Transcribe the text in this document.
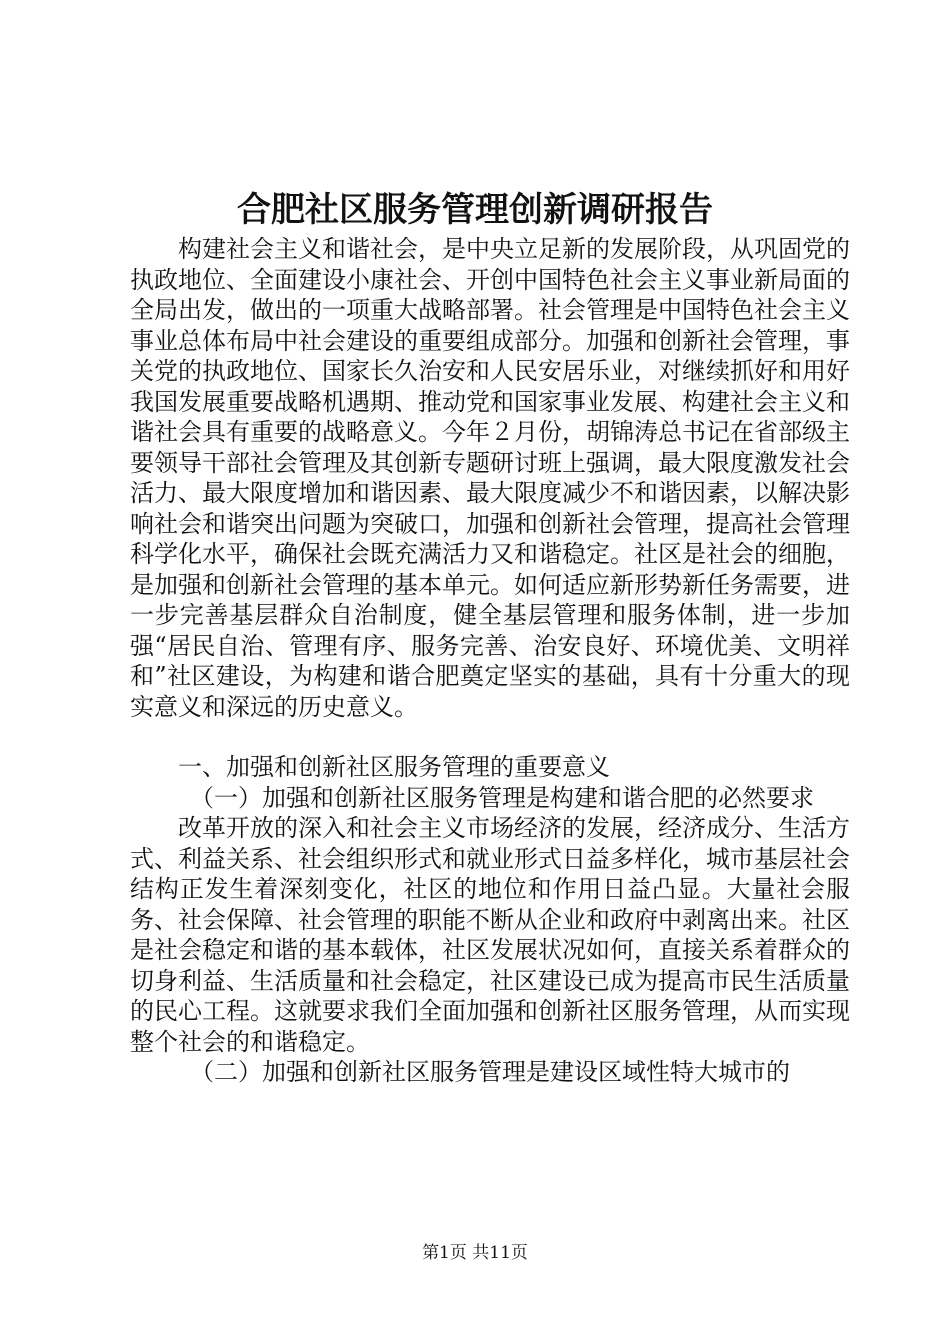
合肥社区服务管理创新调研报告

构建社会主义和谐社会，是中央立足新的发展阶段，从巩固党的执政地位、全面建设小康社会、开创中国特色社会主义事业新局面的全局出发，做出的一项重大战略部署。社会管理是中国特色社会主义事业总体布局中社会建设的重要组成部分。加强和创新社会管理，事关党的执政地位、国家长久治安和人民安居乐业，对继续抓好和用好我国发展重要战略机遇期、推动党和国家事业发展、构建社会主义和谐社会具有重要的战略意义。今年２月份，胡锦涛总书记在省部级主要领导干部社会管理及其创新专题研讨班上强调，最大限度激发社会活力、最大限度增加和谐因素、最大限度减少不和谐因素，以解决影响社会和谐突出问题为突破口，加强和创新社会管理，提高社会管理科学化水平，确保社会既充满活力又和谐稳定。社区是社会的细胞，是加强和创新社会管理的基本单元。如何适应新形势新任务需要，进一步完善基层群众自治制度，健全基层管理和服务体制，进一步加强“居民自治、管理有序、服务完善、治安良好、环境优美、文明祥和”社区建设，为构建和谐合肥奠定坚实的基础，具有十分重大的现实意义和深远的历史意义。

一、加强和创新社区服务管理的重要意义

（一）加强和创新社区服务管理是构建和谐合肥的必然要求

改革开放的深入和社会主义市场经济的发展，经济成分、生活方式、利益关系、社会组织形式和就业形式日益多样化，城市基层社会结构正发生着深刻变化，社区的地位和作用日益凸显。大量社会服务、社会保障、社会管理的职能不断从企业和政府中剥离出来。社区是社会稳定和谐的基本载体，社区发展状况如何，直接关系着群众的切身利益、生活质量和社会稳定，社区建设已成为提高市民生活质量的民心工程。这就要求我们全面加强和创新社区服务管理，从而实现整个社会的和谐稳定。

（二）加强和创新社区服务管理是建设区域性特大城市的

第1页 共11页
